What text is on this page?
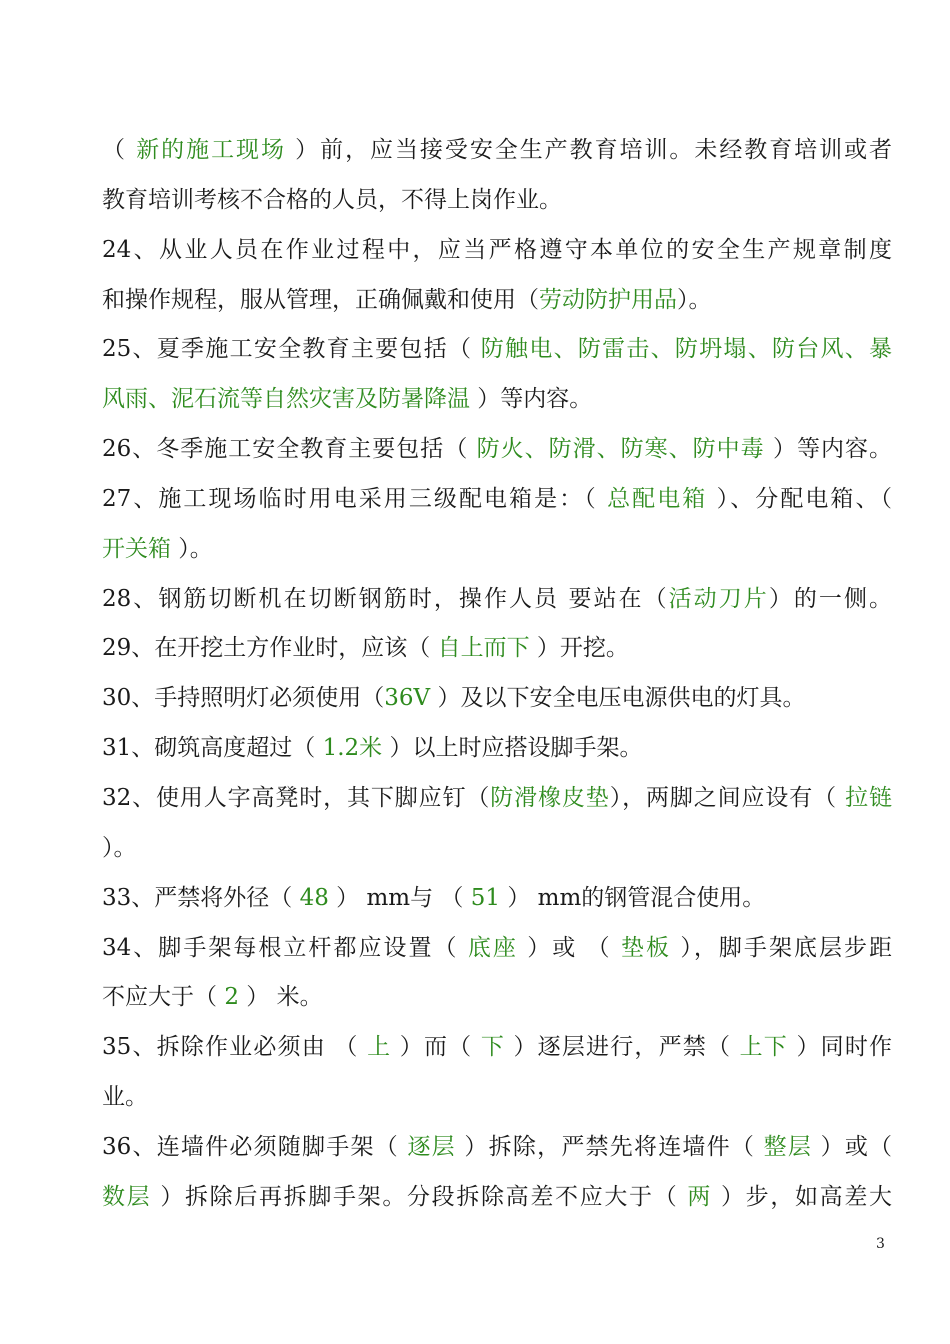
（ 新的施工现场 ）前，应当接受安全生产教育培训。未经教育培训或者
教育培训考核不合格的人员，不得上岗作业。
24、从业人员在作业过程中，应当严格遵守本单位的安全生产规章制度
和操作规程，服从管理，正确佩戴和使用（劳动防护用品）。
25、夏季施工安全教育主要包括（ 防触电、防雷击、防坍塌、防台风、暴
风雨、泥石流等自然灾害及防暑降温 ）等内容。
26、冬季施工安全教育主要包括（ 防火、防滑、防寒、防中毒 ）等内容。
27、施工现场临时用电采用三级配电箱是：（ 总配电箱 ）、分配电箱、（
开关箱 ）。
28、钢筋切断机在切断钢筋时，操作人员 要站在（活动刀片）的一侧。
29、在开挖土方作业时，应该（ 自上而下 ）开挖。
30、手持照明灯必须使用（36V ）及以下安全电压电源供电的灯具。
31、砌筑高度超过（ 1.2米 ）以上时应搭设脚手架。
32、使用人字高凳时，其下脚应钉（防滑橡皮垫），两脚之间应设有（ 拉链
）。
33、严禁将外径（ 48 ） mm与 （ 51 ） mm的钢管混合使用。
34、脚手架每根立杆都应设置（ 底座 ）或 （ 垫板 ），脚手架底层步距
不应大于（ 2 ） 米。
35、拆除作业必须由 （ 上 ）而（ 下 ）逐层进行，严禁（ 上下 ）同时作
业。
36、连墙件必须随脚手架（ 逐层 ）拆除，严禁先将连墙件（ 整层 ）或（
数层 ）拆除后再拆脚手架。分段拆除高差不应大于（ 两 ）步，如高差大
3
